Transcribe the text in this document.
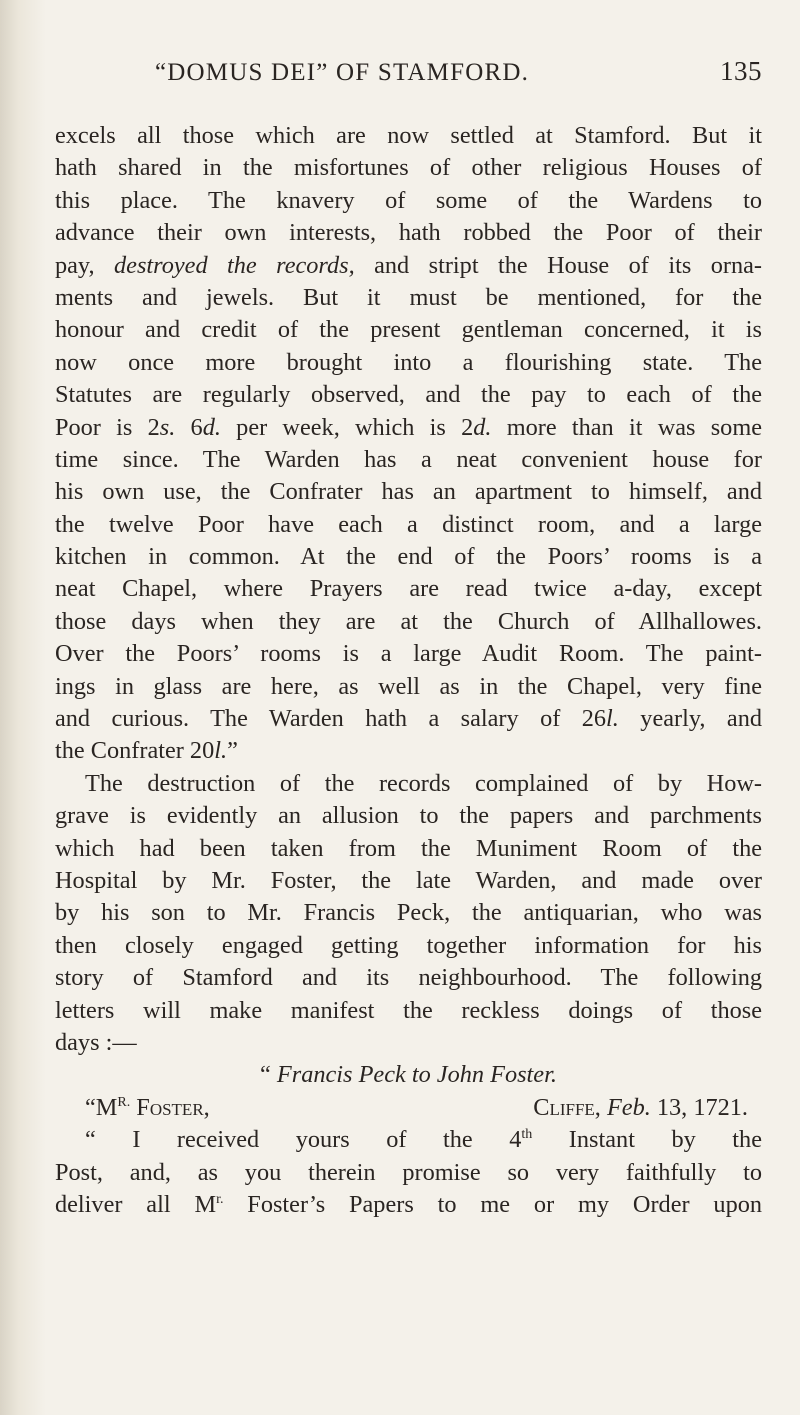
“DOMUS DEI” OF STAMFORD.	135
excels all those which are now settled at Stamford. But it
hath shared in the misfortunes of other religious Houses of
this place. The knavery of some of the Wardens to
advance their own interests, hath robbed the Poor of their
pay, destroyed the records, and stript the House of its orna-
ments and jewels. But it must be mentioned, for the
honour and credit of the present gentleman concerned, it is
now once more brought into a flourishing state. The
Statutes are regularly observed, and the pay to each of the
Poor is 2s. 6d. per week, which is 2d. more than it was some
time since. The Warden has a neat convenient house for
his own use, the Confrater has an apartment to himself, and
the twelve Poor have each a distinct room, and a large
kitchen in common. At the end of the Poors’ rooms is a
neat Chapel, where Prayers are read twice a-day, except
those days when they are at the Church of Allhallowes.
Over the Poors’ rooms is a large Audit Room. The paint-
ings in glass are here, as well as in the Chapel, very fine
and curious. The Warden hath a salary of 26l. yearly, and
the Confrater 20l.”
The destruction of the records complained of by How-
grave is evidently an allusion to the papers and parchments
which had been taken from the Muniment Room of the
Hospital by Mr. Foster, the late Warden, and made over
by his son to Mr. Francis Peck, the antiquarian, who was
then closely engaged getting together information for his
story of Stamford and its neighbourhood. The following
letters will make manifest the reckless doings of those
days :—
“ Francis Peck to John Foster.
“$M^{R.}$ Foster,	Cliffe, Feb. 13, 1721.
“ I received yours of the 4th Instant by the
Post, and, as you therein promise so very faithfully to
deliver all $M^{r.}$ Foster’s Papers to me or my Order upon
